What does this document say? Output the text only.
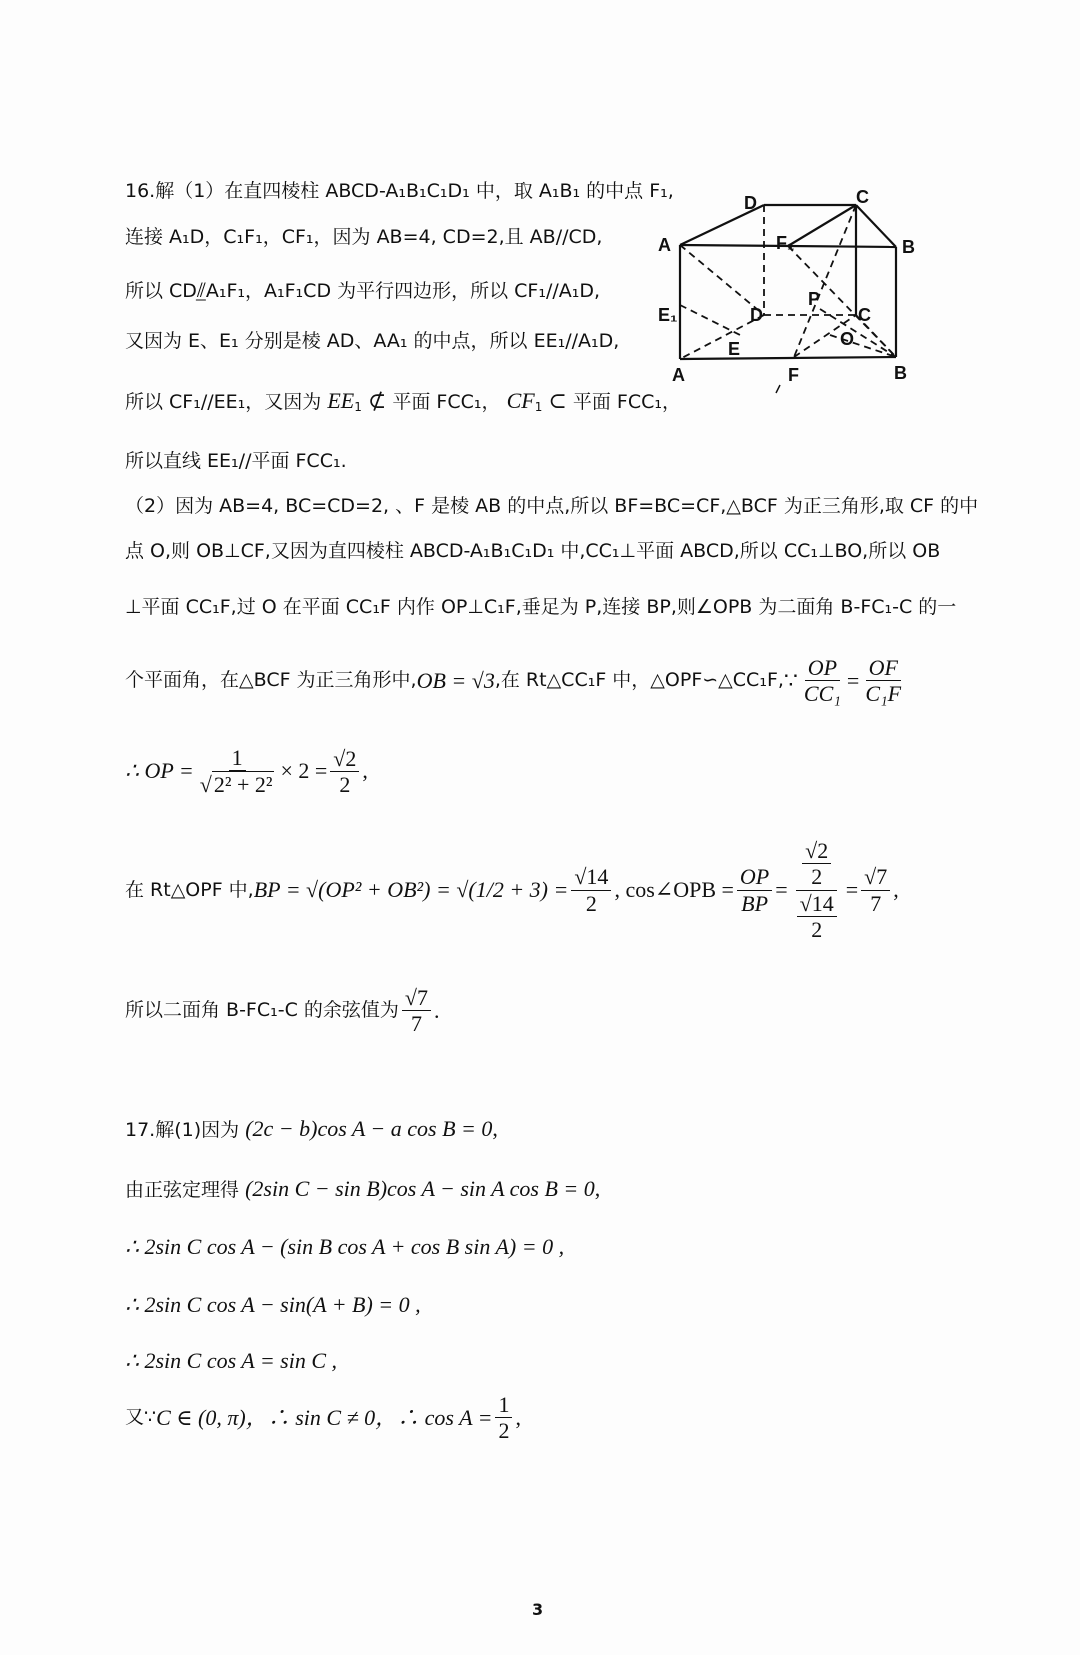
16.解（1）在直四棱柱 ABCD-A₁B₁C₁D₁ 中，取 A₁B₁ 的中点 F₁,
连接 A₁D，C₁F₁，CF₁，因为 AB=4, CD=2,且 AB//CD,
所以 CD⫽̲A₁F₁，A₁F₁CD 为平行四边形，所以 CF₁//A₁D,
又因为 E、E₁ 分别是棱 AD、AA₁ 的中点，所以 EE₁//A₁D,
所以 CF₁//EE₁，又因为 $EE_1$ ⊄ 平面 FCC₁， $CF_1$ ⊂ 平面 FCC₁，
所以直线 EE₁//平面 FCC₁.
（2）因为 AB=4, BC=CD=2, 、F 是棱 AB 的中点,所以 BF=BC=CF,△BCF 为正三角形,取 CF 的中
点 O,则 OB⊥CF,又因为直四棱柱 ABCD-A₁B₁C₁D₁ 中,CC₁⊥平面 ABCD,所以 CC₁⊥BO,所以 OB
⊥平面 CC₁F,过 O 在平面 CC₁F 内作 OP⊥C₁F,垂足为 P,连接 BP,则∠OPB 为二面角 B-FC₁-C 的一
个平面角，在△BCF 为正三角形中, OB = √3 ,在 Rt△CC₁F 中，△OPF∽△CC₁F, ∵ $\frac{OP}{\text{CC₁}} = \frac{OF}{\text{C₁F}}$
∴ OP = $\frac{1}{\text{√2² + 2²}} \times 2 = \frac{√2}{2}$ ,
在 Rt△OPF 中, BP = $√(OP^2 + OB^2) = √(1/2 + 3) = \frac{√14}{2}$ , cos∠OPB = $\frac{OP}{BP} = \frac{\frac{√2}{2}}{\frac{√14}{2}} = \frac{√7}{7}$ ,
所以二面角 B-FC₁-C 的余弦值为 $\frac{√7}{7}$ .
17.解(1)因为 (2c − b)cos A − a cos B = 0,
由正弦定理得 (2sin C − sin B)cos A − sin A cos B = 0,
∴ 2sin C cos A − (sin B cos A + cos B sin A) = 0 ,
∴ 2sin C cos A − sin(A + B) = 0 ,
∴ 2sin C cos A = sin C ,
又∵ C ∈ (0, π)，∴ sin C ≠ 0，∴ $\cos A = \frac{1}{2}$ ,
D	C
A	F₁	B
E₁	D
P
C
O
E
A	F	B
3
